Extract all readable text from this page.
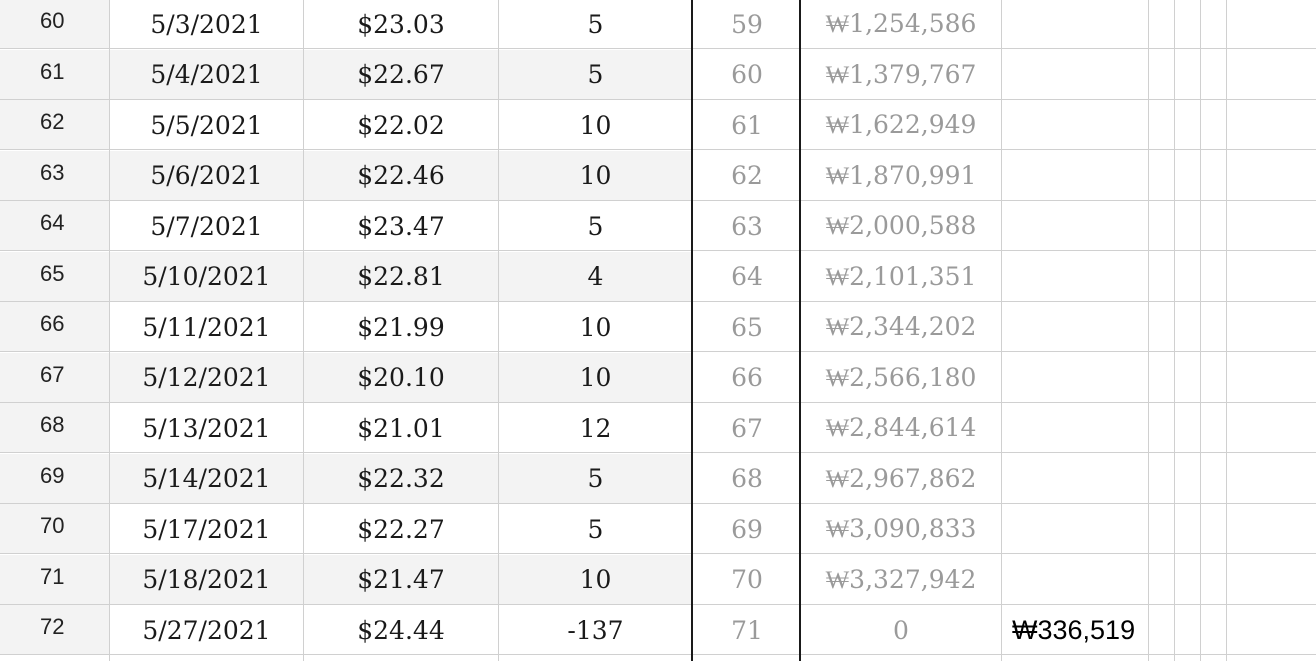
72	5/27/2021	$24.44	-137	71	0	₩336,519
71	5/18/2021	$21.47	10	70	₩3,327,942
70	5/17/2021	$22.27	5	69	₩3,090,833
69	5/14/2021	$22.32	5	68	₩2,967,862
68	5/13/2021	$21.01	12	67	₩2,844,614
67	5/12/2021	$20.10	10	66	₩2,566,180
66	5/11/2021	$21.99	10	65	₩2,344,202
65	5/10/2021	$22.81	4	64	₩2,101,351
64	5/7/2021	$23.47	5	63	₩2,000,588
63	5/6/2021	$22.46	10	62	₩1,870,991
62	5/5/2021	$22.02	10	61	₩1,622,949
61	5/4/2021	$22.67	5	60	₩1,379,767
60	5/3/2021	$23.03	5	59	₩1,254,586
